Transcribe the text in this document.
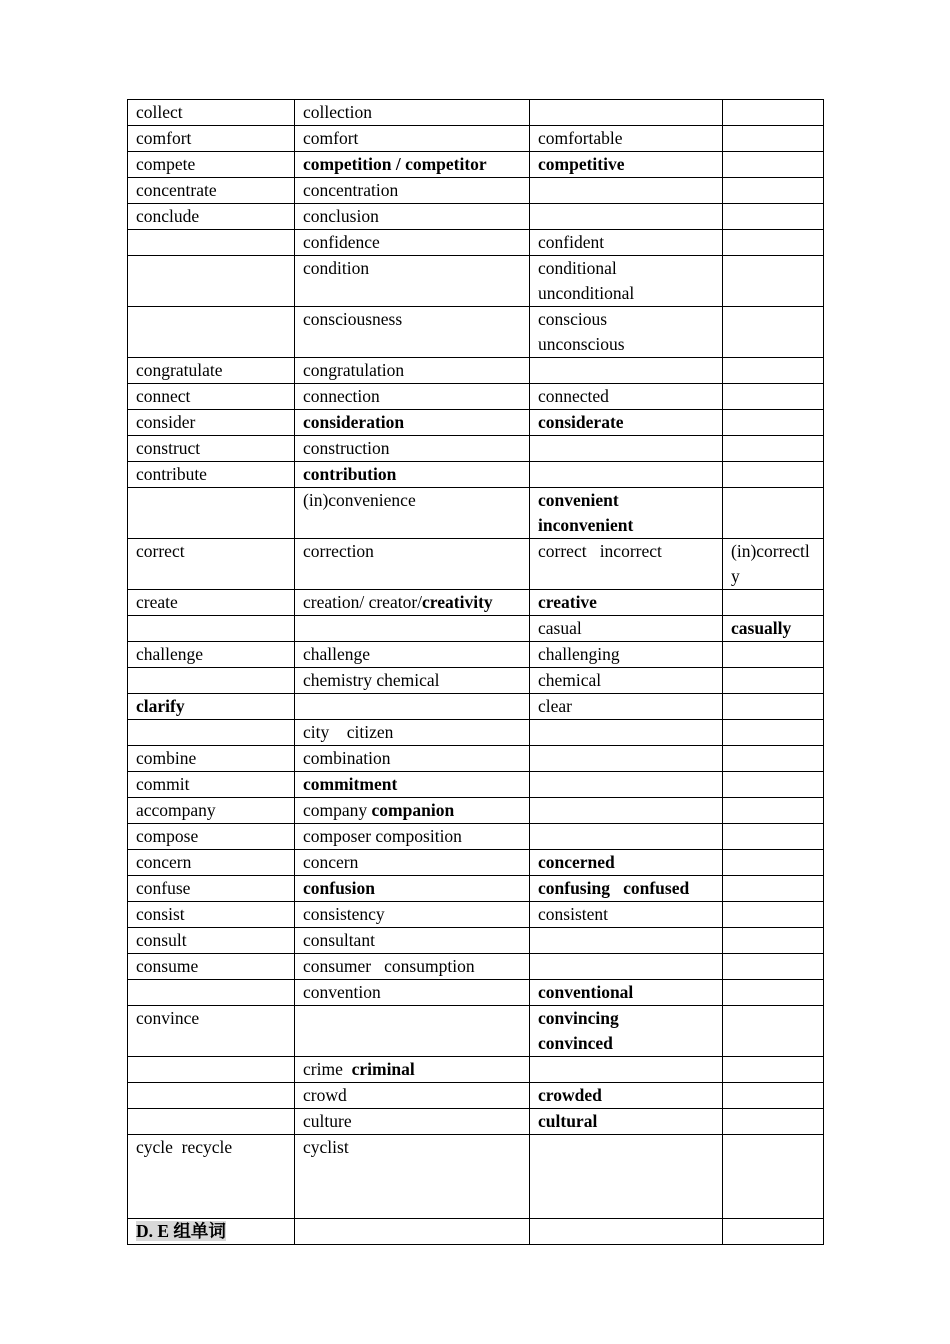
collect	collection		
comfort	comfort	comfortable	
compete	competition / competitor	competitive	
concentrate	concentration		
conclude	conclusion		
	confidence	confident	
	condition	conditional
unconditional	
	consciousness	conscious
unconscious	
congratulate	congratulation		
connect	connection	connected	
consider	consideration	considerate	
construct	construction		
contribute	contribution		
	(in)convenience	convenient
inconvenient	
correct	correction	correct   incorrect	(in)correctly
create	creation/ creator/creativity	creative	
		casual	casually
challenge	challenge	challenging	
	chemistry chemical	chemical	
clarify		clear	
	city    citizen		
combine	combination		
commit	commitment		
accompany	company companion		
compose	composer composition		
concern	concern	concerned	
confuse	confusion	confusing   confused	
consist	consistency	consistent	
consult	consultant		
consume	consumer   consumption		
	convention	conventional	
convince		convincing
convinced	
	crime  criminal		
	crowd	crowded	
	culture	cultural	
cycle  recycle	cyclist		
D. E 组单词			
